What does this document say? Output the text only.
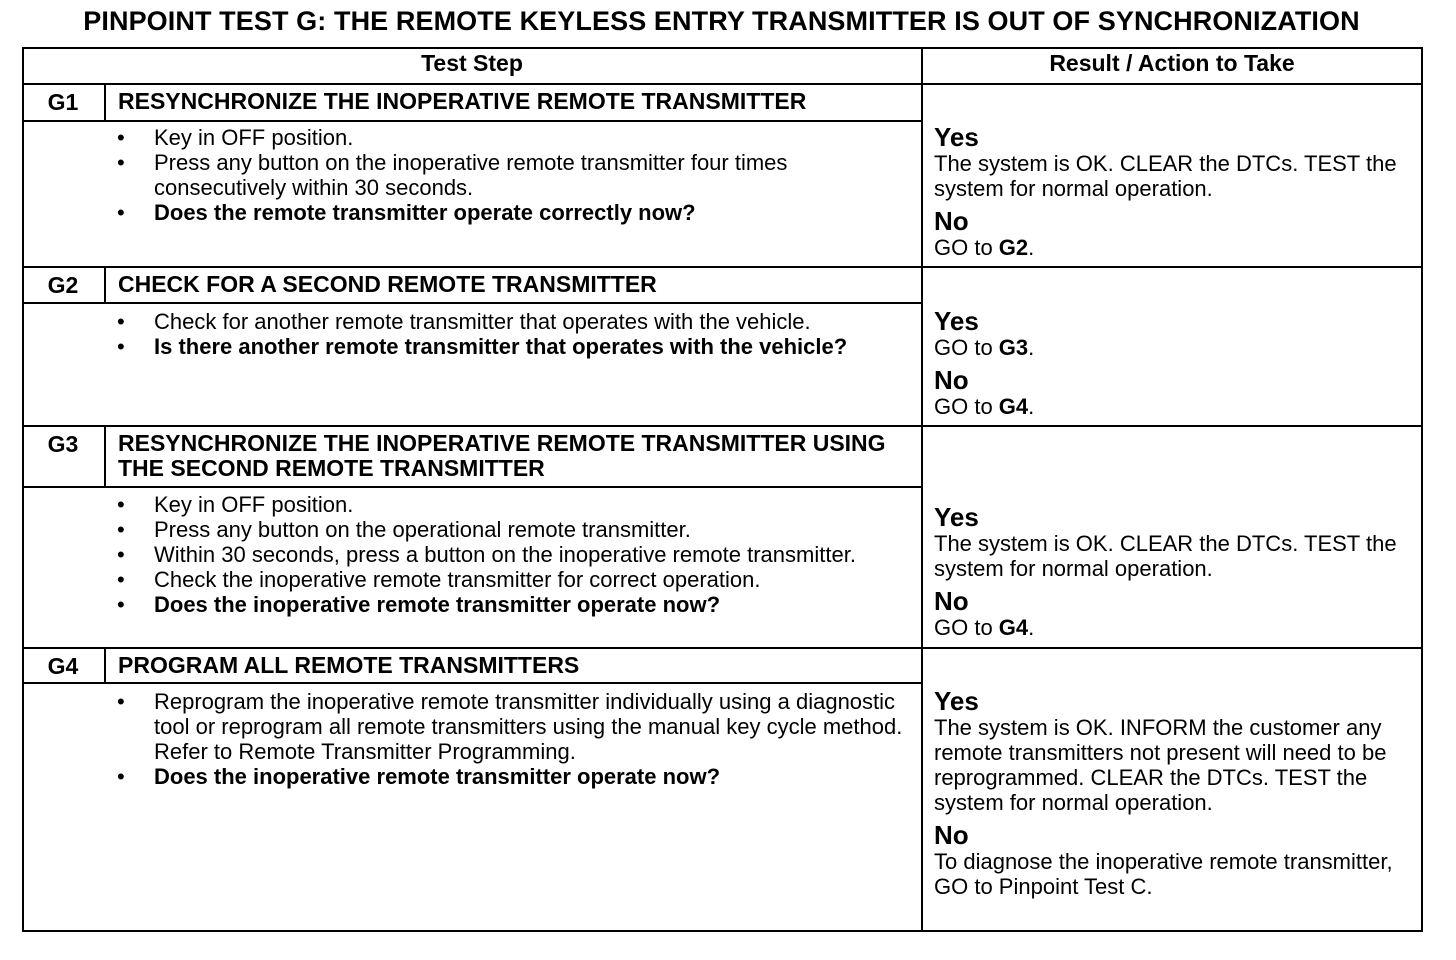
PINPOINT TEST G: THE REMOTE KEYLESS ENTRY TRANSMITTER IS OUT OF SYNCHRONIZATION
Test Step	Result / Action to Take
G1	RESYNCHRONIZE THE INOPERATIVE REMOTE TRANSMITTER
•	Key in OFF position.
•	Press any button on the inoperative remote transmitter four times consecutively within 30 seconds.
•	Does the remote transmitter operate correctly now?
Yes
The system is OK. CLEAR the DTCs. TEST the system for normal operation.
No
GO to G2.
G2	CHECK FOR A SECOND REMOTE TRANSMITTER
•	Check for another remote transmitter that operates with the vehicle.
•	Is there another remote transmitter that operates with the vehicle?
Yes
GO to G3.
No
GO to G4.
G3	RESYNCHRONIZE THE INOPERATIVE REMOTE TRANSMITTER USING THE SECOND REMOTE TRANSMITTER
•	Key in OFF position.
•	Press any button on the operational remote transmitter.
•	Within 30 seconds, press a button on the inoperative remote transmitter.
•	Check the inoperative remote transmitter for correct operation.
•	Does the inoperative remote transmitter operate now?
Yes
The system is OK. CLEAR the DTCs. TEST the system for normal operation.
No
GO to G4.
G4	PROGRAM ALL REMOTE TRANSMITTERS
•	Reprogram the inoperative remote transmitter individually using a diagnostic tool or reprogram all remote transmitters using the manual key cycle method. Refer to Remote Transmitter Programming.
•	Does the inoperative remote transmitter operate now?
Yes
The system is OK. INFORM the customer any remote transmitters not present will need to be reprogrammed. CLEAR the DTCs. TEST the system for normal operation.
No
To diagnose the inoperative remote transmitter, GO to Pinpoint Test C.
